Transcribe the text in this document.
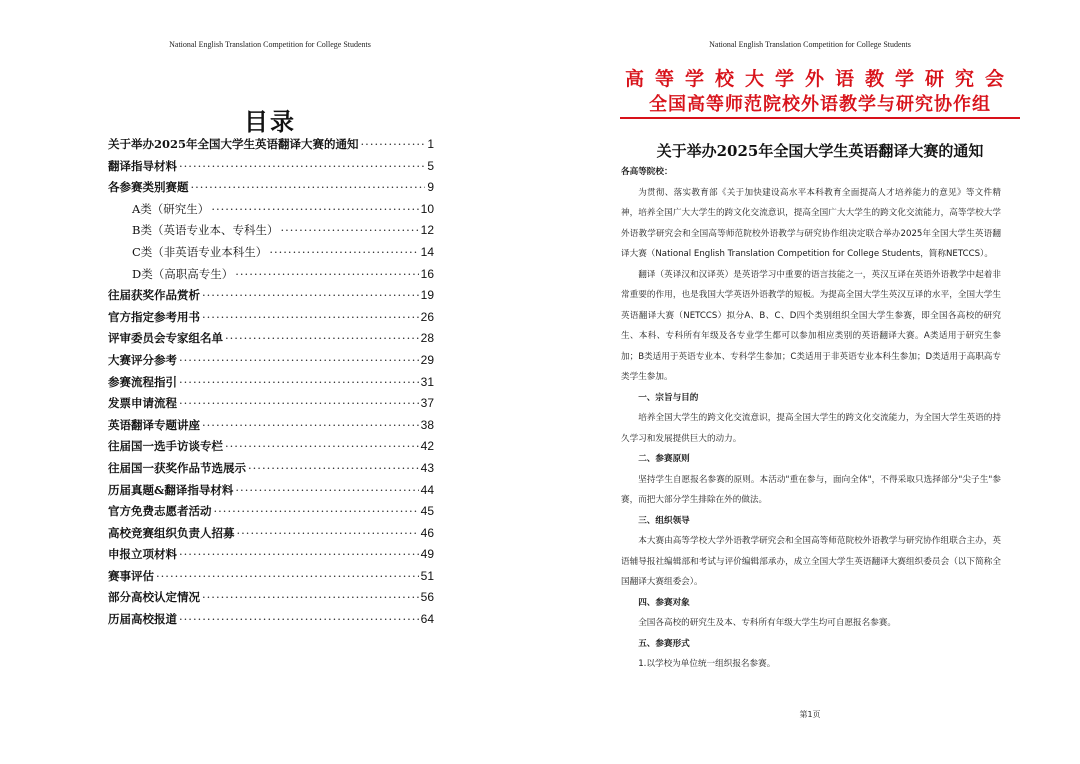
National English Translation Competition for College Students
目录
关于举办2025年全国大学生英语翻译大赛的通知 ·····	1
翻译指导材料 ·····	5
各参赛类别赛题 ·····	9
A类（研究生） ·····	10
B类（英语专业本、专科生） ·····	12
C类（非英语专业本科生） ·····	14
D类（高职高专生） ·····	16
往届获奖作品赏析 ·····	19
官方指定参考用书 ·····	26
评审委员会专家组名单 ·····	28
大赛评分参考 ·····	29
参赛流程指引 ·····	31
发票申请流程 ·····	37
英语翻译专题讲座 ·····	38
往届国一选手访谈专栏 ·····	42
往届国一获奖作品节选展示 ·····	43
历届真题&翻译指导材料 ·····	44
官方免费志愿者活动 ·····	45
高校竞赛组织负责人招募 ·····	46
申报立项材料 ·····	49
赛事评估 ·····	51
部分高校认定情况 ·····	56
历届高校报道 ·····	64
National English Translation Competition for College Students
高等学校大学外语教学研究会
全国高等师范院校外语教学与研究协作组
关于举办2025年全国大学生英语翻译大赛的通知

各高等院校：

为贯彻、落实教育部《关于加快建设高水平本科教育全面提高人才培养能力的意见》等文件精神，培养全国广大大学生的跨文化交流意识，提高全国广大大学生的跨文化交流能力，高等学校大学外语教学研究会和全国高等师范院校外语教学与研究协作组决定联合举办2025年全国大学生英语翻译大赛（National English Translation Competition for College Students，简称NETCCS）。

翻译（英译汉和汉译英）是英语学习中重要的语言技能之一，英汉互译在英语外语教学中起着非常重要的作用，也是我国大学英语外语教学的短板。为提高全国大学生英汉互译的水平，全国大学生英语翻译大赛（NETCCS）拟分A、B、C、D四个类别组织全国大学生参赛，即全国各高校的研究生、本科、专科所有年级及各专业学生都可以参加相应类别的英语翻译大赛。A类适用于研究生参加；B类适用于英语专业本、专科学生参加；C类适用于非英语专业本科生参加；D类适用于高职高专类学生参加。

一、宗旨与目的

培养全国大学生的跨文化交流意识，提高全国大学生的跨文化交流能力，为全国大学生英语的持久学习和发展提供巨大的动力。

二、参赛原则

坚持学生自愿报名参赛的原则。本活动"重在参与，面向全体"，不得采取只选择部分"尖子生"参赛，而把大部分学生排除在外的做法。

三、组织领导

本大赛由高等学校大学外语教学研究会和全国高等师范院校外语教学与研究协作组联合主办，英语辅导报社编辑部和考试与评价编辑部承办，成立全国大学生英语翻译大赛组织委员会（以下简称全国翻译大赛组委会）。

四、参赛对象

全国各高校的研究生及本、专科所有年级大学生均可自愿报名参赛。

五、参赛形式

1.以学校为单位统一组织报名参赛。

第1页
